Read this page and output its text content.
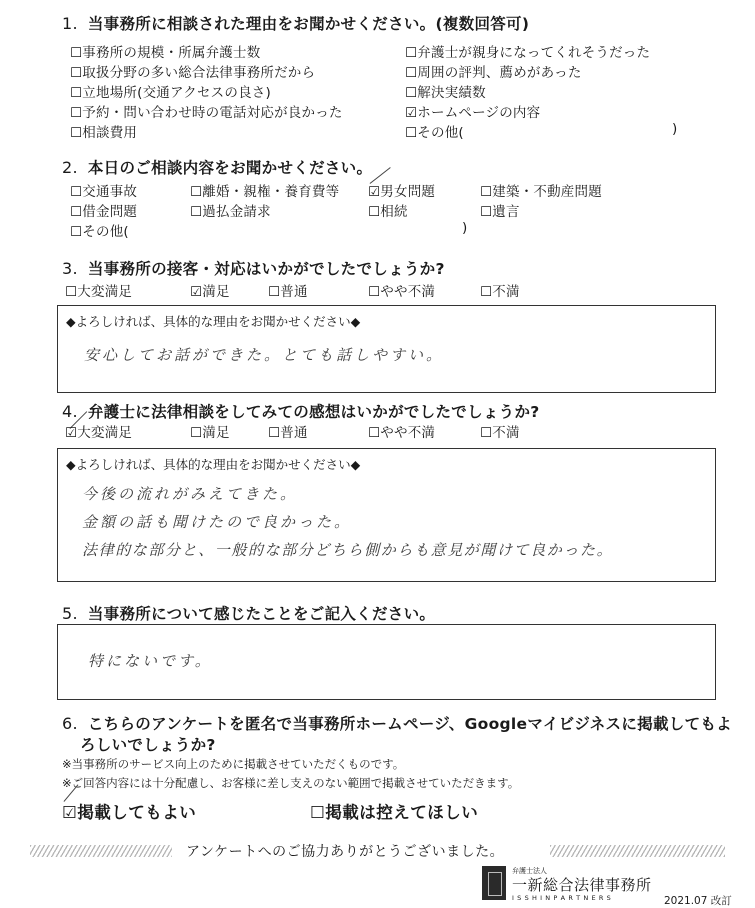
1. 当事務所に相談された理由をお聞かせください。(複数回答可)
☐事務所の規模・所属弁護士数
☐取扱分野の多い総合法律事務所だから
☐立地場所(交通アクセスの良さ)
☐予約・問い合わせ時の電話対応が良かった
☐相談費用
☐弁護士が親身になってくれそうだった
☐周囲の評判、薦めがあった
☐解決実績数
☑ホームページの内容
☐その他(	)
2. 本日のご相談内容をお聞かせください。
☐交通事故	☐離婚・親権・養育費等 ☑男女問題	☐建築・不動産問題
☐借金問題	☐過払金請求	☐相続	☐遺言
☐その他(	)
3. 当事務所の接客・対応はいかがでしたでしょうか?
☐大変満足	☑満足	☐普通	☐やや不満	☐不満
◆よろしければ、具体的な理由をお聞かせください◆
安心してお話ができた。とても話しやすい。
4. 弁護士に法律相談をしてみての感想はいかがでしたでしょうか?
☑大変満足	☐満足	☐普通	☐やや不満	☐不満
◆よろしければ、具体的な理由をお聞かせください◆
今後の流れがみえてきた。
金額の話も聞けたので良かった。
法律的な部分と、一般的な部分どちら側からも意見が聞けて良かった。
5. 当事務所について感じたことをご記入ください。
特にないです。
6. こちらのアンケートを匿名で当事務所ホームページ、Googleマイビジネスに掲載してもよ
ろしいでしょうか?
※当事務所のサービス向上のために掲載させていただくものです。
※ご回答内容には十分配慮し、お客様に差し支えのない範囲で掲載させていただきます。
☑掲載してもよい	☐掲載は控えてほしい
アンケートへのご協力ありがとうございました。
弁護士法人
一新総合法律事務所
I S S H I N P A R T N E R S	2021.07 改訂
